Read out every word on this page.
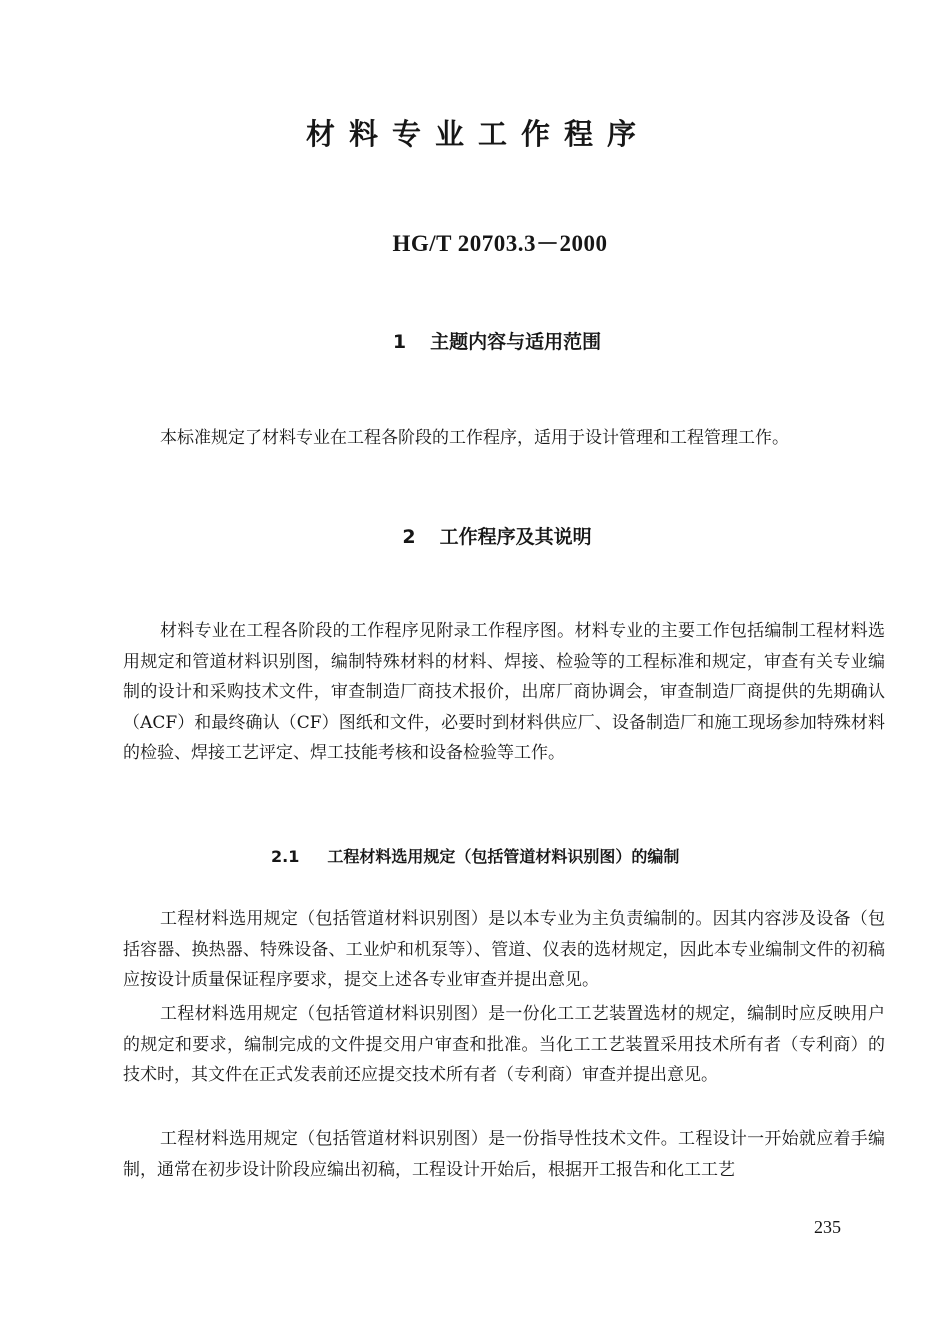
材料专业工作程序
HG/T 20703.3－2000
1 主题内容与适用范围

本标准规定了材料专业在工程各阶段的工作程序，适用于设计管理和工程管理工作。

2 工作程序及其说明

材料专业在工程各阶段的工作程序见附录工作程序图。材料专业的主要工作包括编制工程材料选用规定和管道材料识别图，编制特殊材料的材料、焊接、检验等的工程标准和规定，审查有关专业编制的设计和采购技术文件，审查制造厂商技术报价，出席厂商协调会，审查制造厂商提供的先期确认（ACF）和最终确认（CF）图纸和文件，必要时到材料供应厂、设备制造厂和施工现场参加特殊材料的检验、焊接工艺评定、焊工技能考核和设备检验等工作。

2.1 工程材料选用规定（包括管道材料识别图）的编制

工程材料选用规定（包括管道材料识别图）是以本专业为主负责编制的。因其内容涉及设备（包括容器、换热器、特殊设备、工业炉和机泵等）、管道、仪表的选材规定，因此本专业编制文件的初稿应按设计质量保证程序要求，提交上述各专业审查并提出意见。

工程材料选用规定（包括管道材料识别图）是一份化工工艺装置选材的规定，编制时应反映用户的规定和要求，编制完成的文件提交用户审查和批准。当化工工艺装置采用技术所有者（专利商）的技术时，其文件在正式发表前还应提交技术所有者（专利商）审查并提出意见。

工程材料选用规定（包括管道材料识别图）是一份指导性技术文件。工程设计一开始就应着手编制，通常在初步设计阶段应编出初稿，工程设计开始后，根据开工报告和化工工艺

235
